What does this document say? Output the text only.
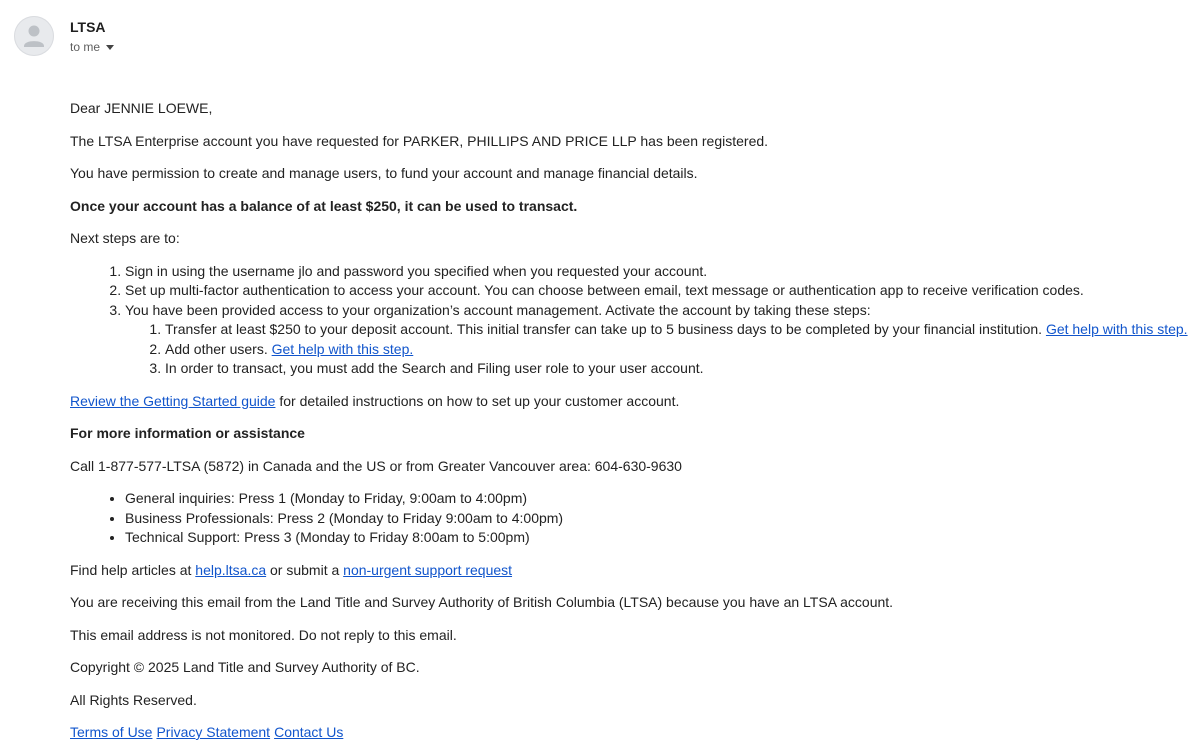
LTSA
to me

Dear JENNIE LOEWE,

The LTSA Enterprise account you have requested for PARKER, PHILLIPS AND PRICE LLP has been registered.

You have permission to create and manage users, to fund your account and manage financial details.

Once your account has a balance of at least $250, it can be used to transact.

Next steps are to:

1. Sign in using the username jlo and password you specified when you requested your account.
2. Set up multi-factor authentication to access your account. You can choose between email, text message or authentication app to receive verification codes.
3. You have been provided access to your organization’s account management. Activate the account by taking these steps:
1. Transfer at least $250 to your deposit account. This initial transfer can take up to 5 business days to be completed by your financial institution. Get help with this step.
2. Add other users. Get help with this step.
3. In order to transact, you must add the Search and Filing user role to your user account.

Review the Getting Started guide for detailed instructions on how to set up your customer account.

For more information or assistance

Call 1-877-577-LTSA (5872) in Canada and the US or from Greater Vancouver area: 604-630-9630

• General inquiries: Press 1 (Monday to Friday, 9:00am to 4:00pm)
• Business Professionals: Press 2 (Monday to Friday 9:00am to 4:00pm)
• Technical Support: Press 3 (Monday to Friday 8:00am to 5:00pm)

Find help articles at help.ltsa.ca or submit a non-urgent support request

You are receiving this email from the Land Title and Survey Authority of British Columbia (LTSA) because you have an LTSA account.

This email address is not monitored. Do not reply to this email.

Copyright © 2025 Land Title and Survey Authority of BC.

All Rights Reserved.

Terms of Use Privacy Statement Contact Us
